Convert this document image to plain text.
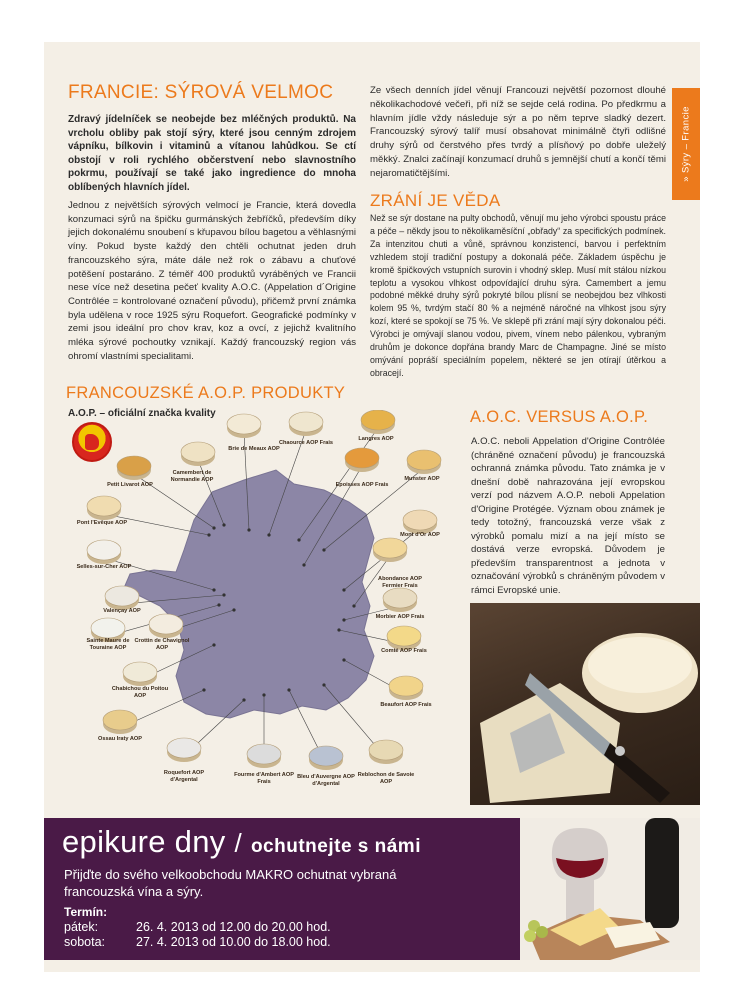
» Sýry – Francie
FRANCIE: SÝROVÁ VELMOC

Zdravý jídelníček se neobejde bez mléčných produktů. Na vrcholu obliby pak stojí sýry, které jsou cenným zdrojem vápníku, bílkovin i vitaminů a vítanou lahůdkou. Se ctí obstojí v roli rychlého občerstvení nebo slavnostního pokrmu, používají se také jako ingredience do mnoha oblíbených hlavních jídel.

Jednou z největších sýrových velmocí je Francie, která dovedla konzumaci sýrů na špičku gurmánských žebříčků, především díky jejich dokonalému snoubení s křupavou bílou bagetou a věhlasnými víny. Pokud byste každý den chtěli ochutnat jeden druh francouzského sýra, máte dále než rok o zábavu a chuťové potěšení postaráno. Z téměř 400 produktů vyráběných ve Francii nese více než desetina pečeť kvality A.O.C. (Appelation d´Origine Contrôlée = kontrolované označení původu), přičemž první známka byla udělena v roce 1925 sýru Roquefort. Geografické podmínky v zemi jsou ideální pro chov krav, koz a ovcí, z jejichž kvalitního mléka sýrové pochoutky vznikají. Každý francouzský region vás ohromí vlastními specialitami.

Ze všech denních jídel věnují Francouzi největší pozornost dlouhé několikachodové večeři, při níž se sejde celá rodina. Po předkrmu a hlavním jídle vždy následuje sýr a po něm teprve sladký dezert. Francouzský sýrový talíř musí obsahovat minimálně čtyři odlišné druhy sýrů od čerstvého přes tvrdý a plísňový po dobře uleželý měkký. Znalci začínají konzumací druhů s jemnější chutí a končí těmi nejaromatičtějšími.

ZRÁNÍ JE VĚDA

Než se sýr dostane na pulty obchodů, věnují mu jeho výrobci spoustu práce a péče – někdy jsou to několikaměsíční „obřady“ za specifických podmínek. Za intenzitou chuti a vůně, správnou konzistencí, barvou i perfektním vzhledem stojí tradiční postupy a dokonalá péče. Základem úspěchu je kromě špičkových vstupních surovin i vhodný sklep. Musí mít stálou nízkou teplotu a vysokou vlhkost odpovídající druhu sýra. Camembert a jemu podobné měkké druhy sýrů pokryté bílou plísní se neobejdou bez vlhkosti kolem 95 %, tvrdým stačí 80 % a nejméně náročné na vlhkost jsou sýry kozí, které se spokojí se 75 %. Ve sklepě při zrání mají sýry dokonalou péči. Výrobci je omývají slanou vodou, pivem, vínem nebo pálenkou, vybraným druhům je dokonce dopřána brandy Marc de Champagne. Jiné se místo omývání popráší speciálním popelem, některé se jen otírají útěrkou a obracejí.

FRANCOUZSKÉ A.O.P. PRODUKTY
A.O.P. – oficiální značka kvality
Brie de Meaux AOP
Chaource AOP Frais
Langres AOP
Camembert de Normandie AOP
Petit Livarot AOP
Munster AOP
Epoisses AOP Frais
Pont l'Evêque AOP
Mont d'Or AOP
Selles-sur-Cher AOP
Abondance AOP Fermier Frais
Valençay AOP
Morbier AOP Frais
Sainte Maure de Touraine AOP
Crottin de Chavignol AOP
Comté AOP Frais
Chabichou du Poitou AOP
Beaufort AOP Frais
Ossau Iraty AOP
Roquefort AOP d'Argental
Fourme d'Ambert AOP Frais
Bleu d'Auvergne AOP d'Argental
Reblochon de Savoie AOP
A.O.C. VERSUS A.O.P.

A.O.C. neboli Appelation d'Origine Contrôlée (chráněné označení původu) je francouzská ochranná známka původu. Tato známka je v dnešní době nahrazována její evropskou verzí pod názvem A.O.P. neboli Appelation d'Origine Protégée. Význam obou známek je tedy totožný, francouzská verze však z výrobků pomalu mizí a na její místo se dostává verze evropská. Důvodem je především transparentnost a jednota v označování výrobků s chráněným původem v rámci Evropské unie.

epikure dny / ochutnejte s námi

Přijďte do svého velkoobchodu MAKRO ochutnat vybraná francouzská vína a sýry.

Termín:
pátek:	26. 4. 2013 od 12.00 do 20.00 hod.
sobota: 27. 4. 2013 od 10.00 do 18.00 hod.
